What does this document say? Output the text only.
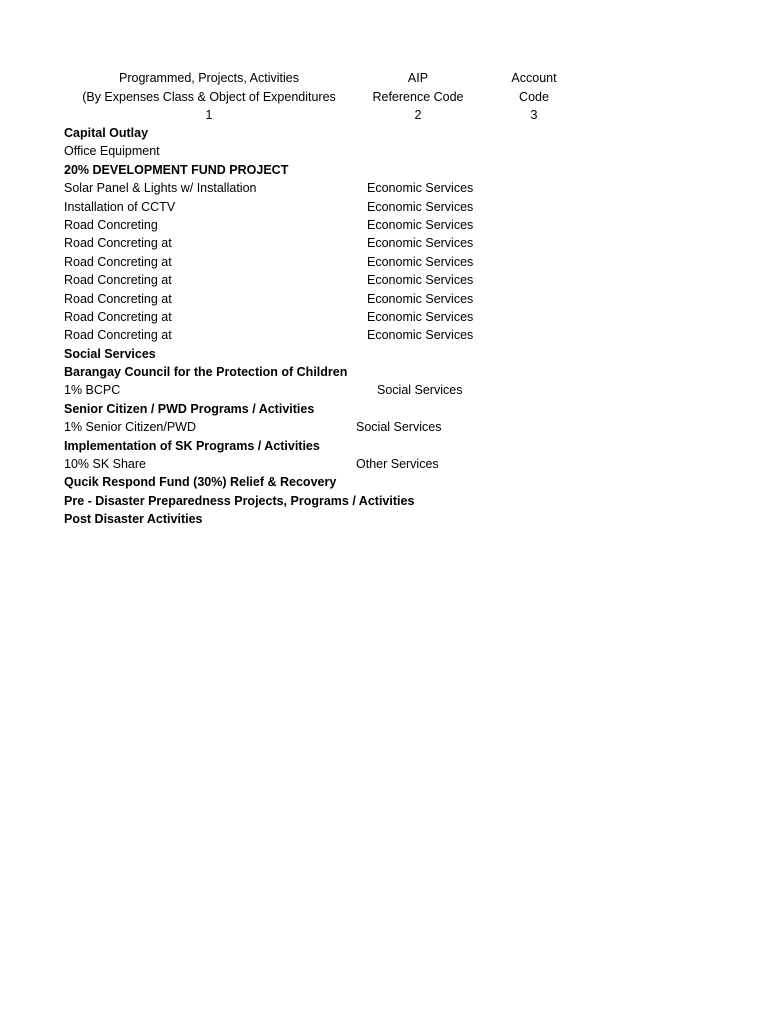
Programmed, Projects, Activities	AIP	Account
(By Expenses Class & Object of Expenditures	Reference Code	Code
1	2	3
Capital Outlay
Office Equipment
20% DEVELOPMENT FUND PROJECT
Solar Panel & Lights w/ Installation	Economic Services
Installation of CCTV	Economic Services
Road Concreting	Economic Services
Road Concreting at	Economic Services
Road Concreting at	Economic Services
Road Concreting at	Economic Services
Road Concreting at	Economic Services
Road Concreting at	Economic Services
Road Concreting at	Economic Services
Social Services
Barangay Council for the Protection of Children
1% BCPC	Social Services
Senior Citizen / PWD Programs / Activities
1% Senior Citizen/PWD	Social Services
Implementation of SK Programs / Activities
10% SK Share	Other Services
Qucik Respond Fund (30%) Relief & Recovery
Pre - Disaster Preparedness Projects, Programs / Activities
Post Disaster Activities
